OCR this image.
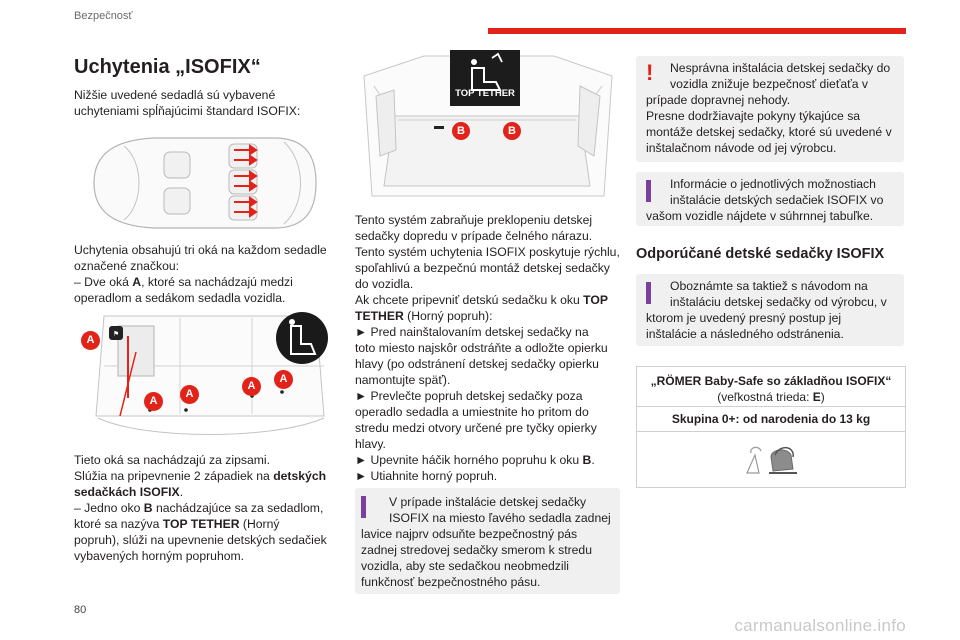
Bezpečnosť
80
carmanualsonline.info
Uchytenia „ISOFIX“
Nižšie uvedené sedadlá sú vybavené
uchyteniami spĺňajúcimi štandard ISOFIX:
Uchytenia obsahujú tri oká na každom sedadle
označené značkou:
– Dve oká A, ktoré sa nachádzajú medzi
operadlom a sedákom sedadla vozidla.
⚑
A
A
A
A
A
Tieto oká sa nachádzajú za zipsami.
Slúžia na pripevnenie 2 západiek na detských
sedačkách ISOFIX.
– Jedno oko B nachádzajúce sa za sedadlom,
ktoré sa nazýva TOP TETHER (Horný
popruh), slúži na upevnenie detských sedačiek
vybavených horným popruhom.
TOP TETHER
B	B
Tento systém zabraňuje preklopeniu detskej
sedačky dopredu v prípade čelného nárazu.
Tento systém uchytenia ISOFIX poskytuje rýchlu,
spoľahlivú a bezpečnú montáž detskej sedačky
do vozidla.
Ak chcete pripevniť detskú sedačku k oku TOP
TETHER (Horný popruh):
► Pred nainštalovaním detskej sedačky na
toto miesto najskôr odstráňte a odložte opierku
hlavy (po odstránení detskej sedačky opierku
namontujte späť).
► Prevlečte popruh detskej sedačky poza
operadlo sedadla a umiestnite ho pritom do
stredu medzi otvory určené pre tyčky opierky
hlavy.
► Upevnite háčik horného popruhu k oku B.
► Utiahnite horný popruh.
V prípade inštalácie detskej sedačky
ISOFIX na miesto ľavého sedadla zadnej
lavice najprv odsuňte bezpečnostný pás
zadnej stredovej sedačky smerom k stredu
vozidla, aby ste sedačkou neobmedzili
funkčnosť bezpečnostného pásu.
! Nesprávna inštalácia detskej sedačky do
vozidla znižuje bezpečnosť dieťaťa v
prípade dopravnej nehody.
Presne dodržiavajte pokyny týkajúce sa
montáže detskej sedačky, ktoré sú uvedené v
inštalačnom návode od jej výrobcu.
Informácie o jednotlivých možnostiach
inštalácie detských sedačiek ISOFIX vo
vašom vozidle nájdete v súhrnnej tabuľke.
Odporúčané detské sedačky ISOFIX
Oboznámte sa taktiež s návodom na
inštaláciu detskej sedačky od výrobcu, v
ktorom je uvedený presný postup jej
inštalácie a následného odstránenia.
„RÖMER Baby-Safe so základňou ISOFIX“
(veľkostná trieda: E)
Skupina 0+: od narodenia do 13 kg
